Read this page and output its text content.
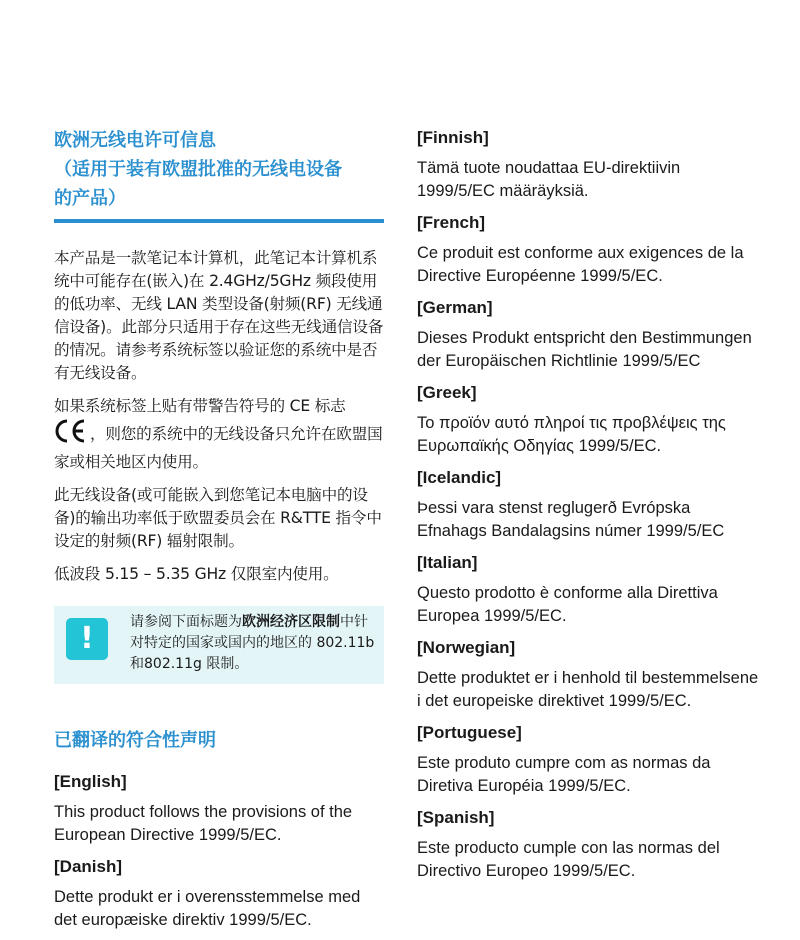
欧洲无线电许可信息
（适用于装有欧盟批准的无线电设备
的产品）

本产品是一款笔记本计算机，此笔记本计算机系统中可能存在(嵌入)在 2.4GHz/5GHz 频段使用的低功率、无线 LAN 类型设备(射频(RF) 无线通信设备)。此部分只适用于存在这些无线通信设备的情况。请参考系统标签以验证您的系统中是否有无线设备。

如果系统标签上贴有带警告符号的 CE 标志
，则您的系统中的无线设备只允许在欧盟国家或相关地区内使用。

此无线设备(或可能嵌入到您笔记本电脑中的设备)的输出功率低于欧盟委员会在 R&TTE 指令中设定的射频(RF) 辐射限制。

低波段 5.15 – 5.35 GHz 仅限室内使用。

!	请参阅下面标题为欧洲经济区限制中针对特定的国家或国内的地区的 802.11b 和802.11g 限制。

已翻译的符合性声明

[English]

This product follows the provisions of the European Directive 1999/5/EC.

[Danish]

Dette produkt er i overensstemmelse med det europæiske direktiv 1999/5/EC.

[Finnish]

Tämä tuote noudattaa EU-direktiivin 1999/5/EC määräyksiä.

[French]

Ce produit est conforme aux exigences de la Directive Européenne 1999/5/EC.

[German]

Dieses Produkt entspricht den Bestimmungen der Europäischen Richtlinie 1999/5/EC

[Greek]

Το προϊόν αυτό πληροί τις προβλέψεις της Ευρωπαϊκής Οδηγίας 1999/5/EC.

[Icelandic]

Þessi vara stenst reglugerð Evrópska Efnahags Bandalagsins númer 1999/5/EC

[Italian]

Questo prodotto è conforme alla Direttiva Europea 1999/5/EC.

[Norwegian]

Dette produktet er i henhold til bestemmelsene i det europeiske direktivet 1999/5/EC.

[Portuguese]

Este produto cumpre com as normas da Diretiva Européia 1999/5/EC.

[Spanish]

Este producto cumple con las normas del Directivo Europeo 1999/5/EC.
